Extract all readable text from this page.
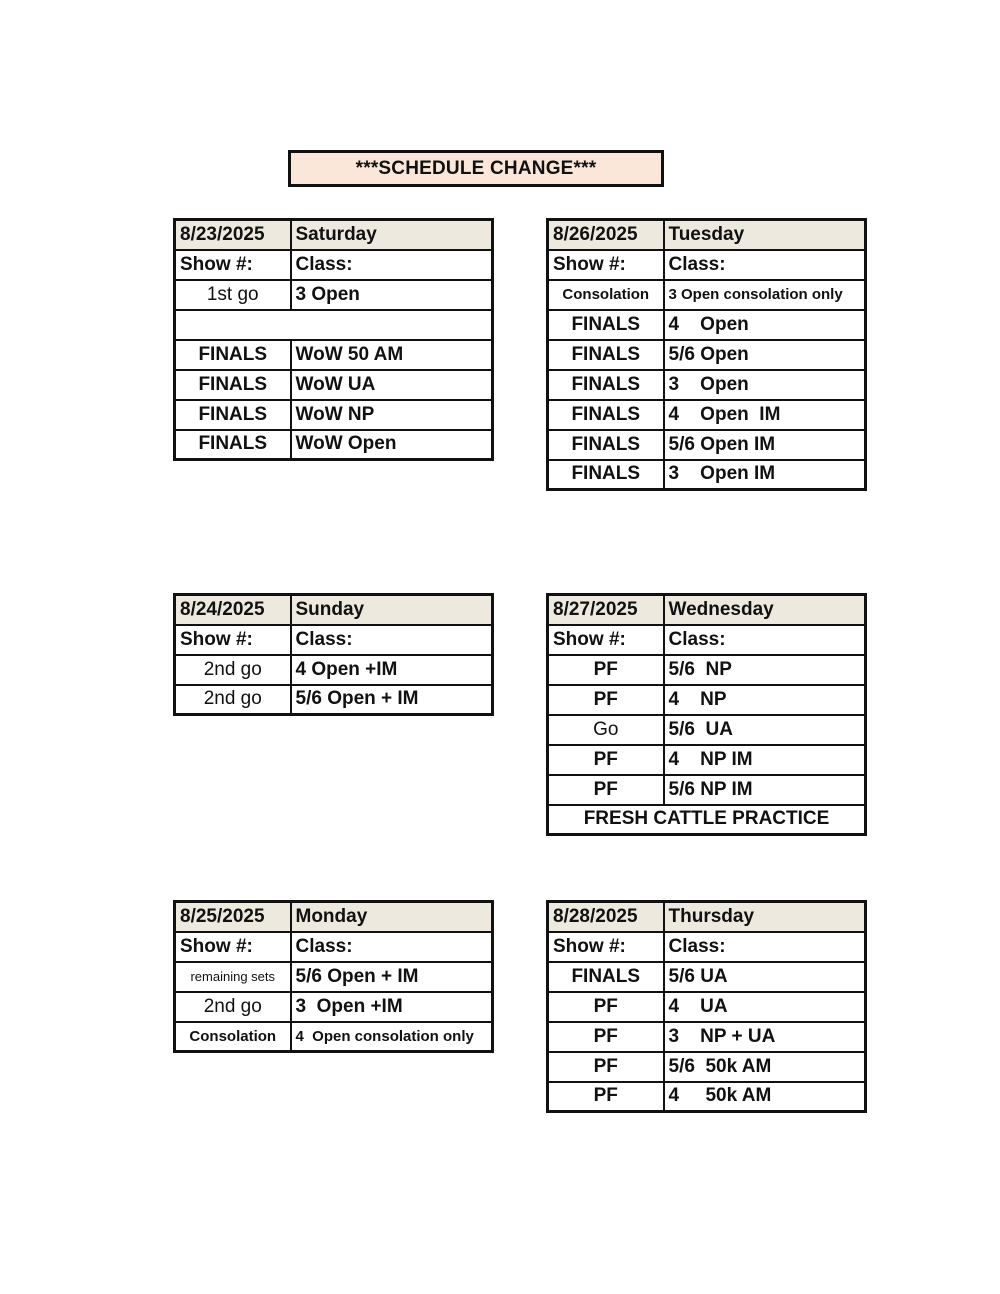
***SCHEDULE CHANGE***
8/23/2025	Saturday
Show #:	Class:
1st go	3 Open

FINALS	WoW 50 AM
FINALS	WoW UA
FINALS	WoW NP
FINALS	WoW Open
8/26/2025	Tuesday
Show #:	Class:
Consolation	3 Open consolation only
FINALS	4    Open
FINALS	5/6 Open
FINALS	3    Open
FINALS	4    Open  IM
FINALS	5/6 Open IM
FINALS	3    Open IM
8/24/2025	Sunday
Show #:	Class:
2nd go	4 Open +IM
2nd go	5/6 Open + IM
8/27/2025	Wednesday
Show #:	Class:
PF	5/6  NP
PF	4    NP
Go	5/6  UA
PF	4    NP IM
PF	5/6 NP IM
FRESH CATTLE PRACTICE	
8/25/2025	Monday
Show #:	Class:
remaining sets	5/6 Open + IM
2nd go	3  Open +IM
Consolation	4  Open consolation only
8/28/2025	Thursday
Show #:	Class:
FINALS	5/6 UA
PF	4    UA
PF	3    NP + UA
PF	5/6  50k AM
PF	4     50k AM
